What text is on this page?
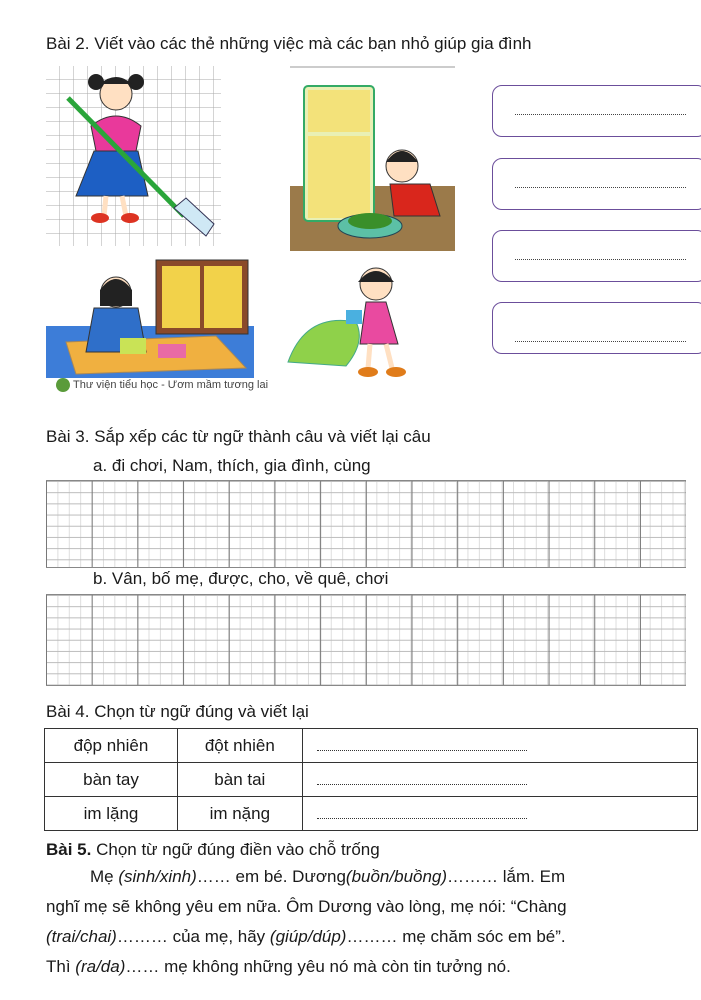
Bài 2. Viết vào các thẻ những việc mà các bạn nhỏ giúp gia đình
Thư viện tiểu học - Ươm mầm tương lai
Bài 3. Sắp xếp các từ ngữ thành câu và viết lại câu
a. đi chơi, Nam, thích, gia đình, cùng
b. Vân, bố mẹ, được, cho, về quê, chơi
Bài 4. Chọn từ ngữ đúng và viết lại
độp nhiên	đột nhiên	
bàn tay	bàn tai	
im lặng	im nặng	
Bài 5. Chọn từ ngữ đúng điền vào chỗ trống
Mẹ (sinh/xinh)…… em bé. Dương(buồn/buồng)……… lắm. Em
nghĩ mẹ sẽ không yêu em nữa. Ôm Dương vào lòng, mẹ nói: “Chàng
(trai/chai)……… của mẹ, hãy (giúp/dúp)……… mẹ chăm sóc em bé”.
Thì (ra/da)…… mẹ không những yêu nó mà còn tin tưởng nó.
